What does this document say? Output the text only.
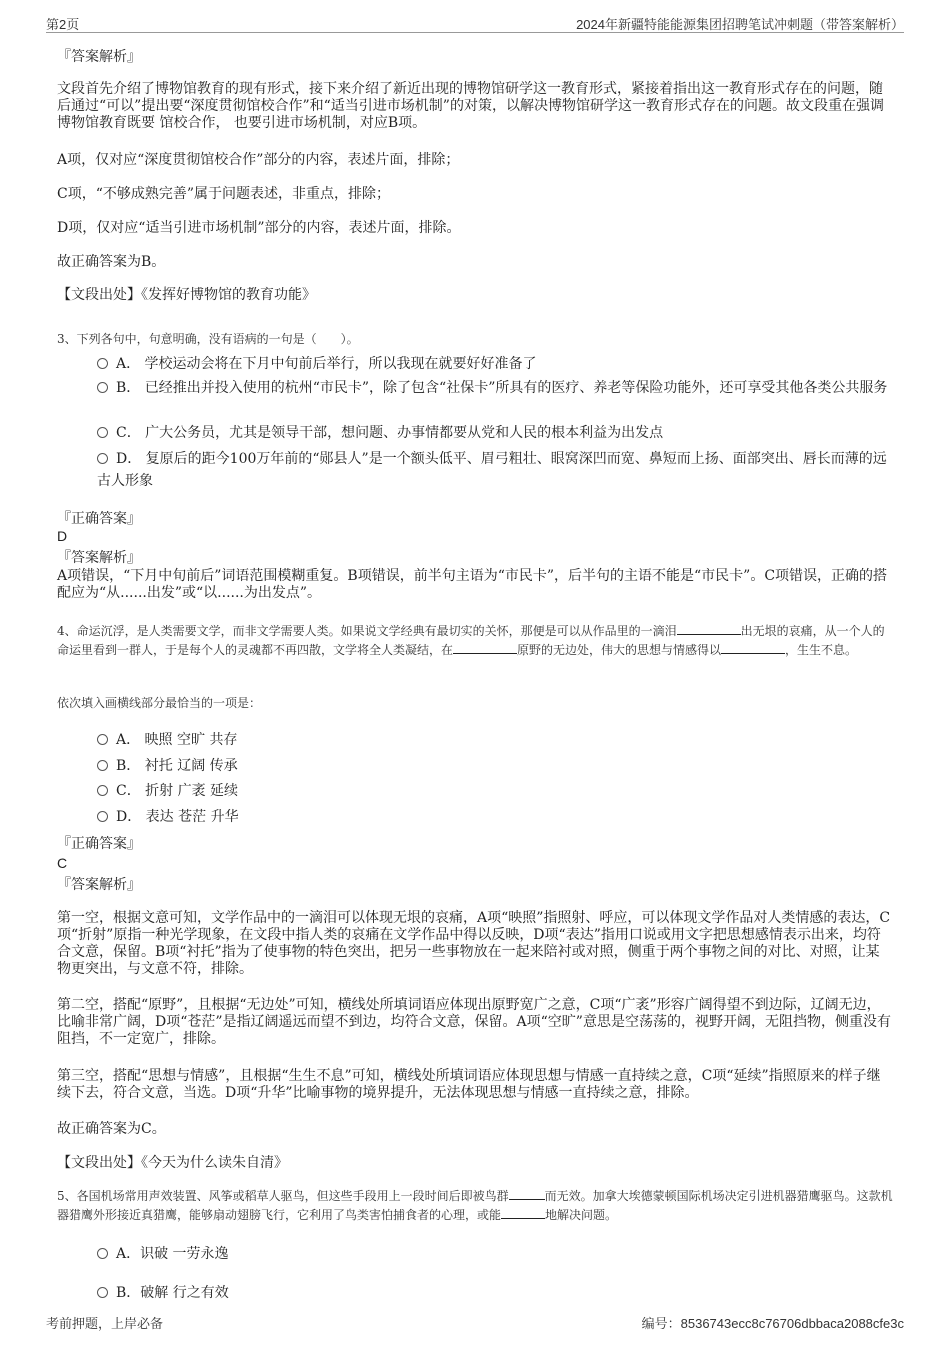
第2页	2024年新疆特能能源集团招聘笔试冲刺题（带答案解析）
『答案解析』
文段首先介绍了博物馆教育的现有形式，接下来介绍了新近出现的博物馆研学这一教育形式，紧接着指出这一教育形式存在的问题，随后通过“可以”提出要“深度贯彻馆校合作”和“适当引进市场机制”的对策，以解决博物馆研学这一教育形式存在的问题。故文段重在强调博物馆教育既要 馆校合作， 也要引进市场机制，对应B项。
A项，仅对应“深度贯彻馆校合作”部分的内容，表述片面，排除；
C项，“不够成熟完善”属于问题表述，非重点，排除；
D项，仅对应“适当引进市场机制”部分的内容，表述片面，排除。
故正确答案为B。
【文段出处】《发挥好博物馆的教育功能》
3、下列各句中，句意明确，没有语病的一句是（　　）。
A． 学校运动会将在下月中旬前后举行，所以我现在就要好好准备了
B． 已经推出并投入使用的杭州“市民卡”，除了包含“社保卡”所具有的医疗、养老等保险功能外，还可享受其他各类公共服务
C． 广大公务员，尤其是领导干部，想问题、办事情都要从党和人民的根本利益为出发点
D． 复原后的距今100万年前的“郧县人”是一个额头低平、眉弓粗壮、眼窝深凹而宽、鼻短而上扬、面部突出、唇长而薄的远古人形象
『正确答案』
D
『答案解析』
A项错误，“下月中旬前后”词语范围模糊重复。B项错误，前半句主语为“市民卡”，后半句的主语不能是“市民卡”。C项错误，正确的搭配应为“从......出发”或“以......为出发点”。
4、命运沉浮，是人类需要文学，而非文学需要人类。如果说文学经典有最切实的关怀，那便是可以从作品里的一滴泪	出无垠的哀痛，从一个人的命运里看到一群人，于是每个人的灵魂都不再四散，文学将全人类凝结，在	原野的无边处，伟大的思想与情感得以	，生生不息。
依次填入画横线部分最恰当的一项是：
A． 映照 空旷 共存
B． 衬托 辽阔 传承
C． 折射 广袤 延续
D． 表达 苍茫 升华
『正确答案』
C
『答案解析』
第一空，根据文意可知，文学作品中的一滴泪可以体现无垠的哀痛，A项“映照”指照射、呼应，可以体现文学作品对人类情感的表达，C项“折射”原指一种光学现象，在文段中指人类的哀痛在文学作品中得以反映，D项“表达”指用口说或用文字把思想感情表示出来，均符合文意，保留。B项“衬托”指为了使事物的特色突出，把另一些事物放在一起来陪衬或对照，侧重于两个事物之间的对比、对照，让某物更突出，与文意不符，排除。
第二空，搭配“原野”，且根据“无边处”可知，横线处所填词语应体现出原野宽广之意，C项“广袤”形容广阔得望不到边际，辽阔无边，比喻非常广阔，D项“苍茫”是指辽阔遥远而望不到边，均符合文意，保留。A项“空旷”意思是空荡荡的，视野开阔，无阻挡物，侧重没有阻挡，不一定宽广，排除。
第三空，搭配“思想与情感”，且根据“生生不息”可知，横线处所填词语应体现思想与情感一直持续之意，C项“延续”指照原来的样子继续下去，符合文意，当选。D项“升华”比喻事物的境界提升，无法体现思想与情感一直持续之意，排除。
故正确答案为C。
【文段出处】《今天为什么读朱自清》
5、各国机场常用声效装置、风筝或稻草人驱鸟，但这些手段用上一段时间后即被鸟群	而无效。加拿大埃德蒙顿国际机场决定引进机器猎鹰驱鸟。这款机器猎鹰外形接近真猎鹰，能够扇动翅膀飞行，它利用了鸟类害怕捕食者的心理，或能	地解决问题。
A．识破 一劳永逸
B．破解 行之有效
考前押题，上岸必备	编号：8536743ecc8c76706dbbaca2088cfe3c
